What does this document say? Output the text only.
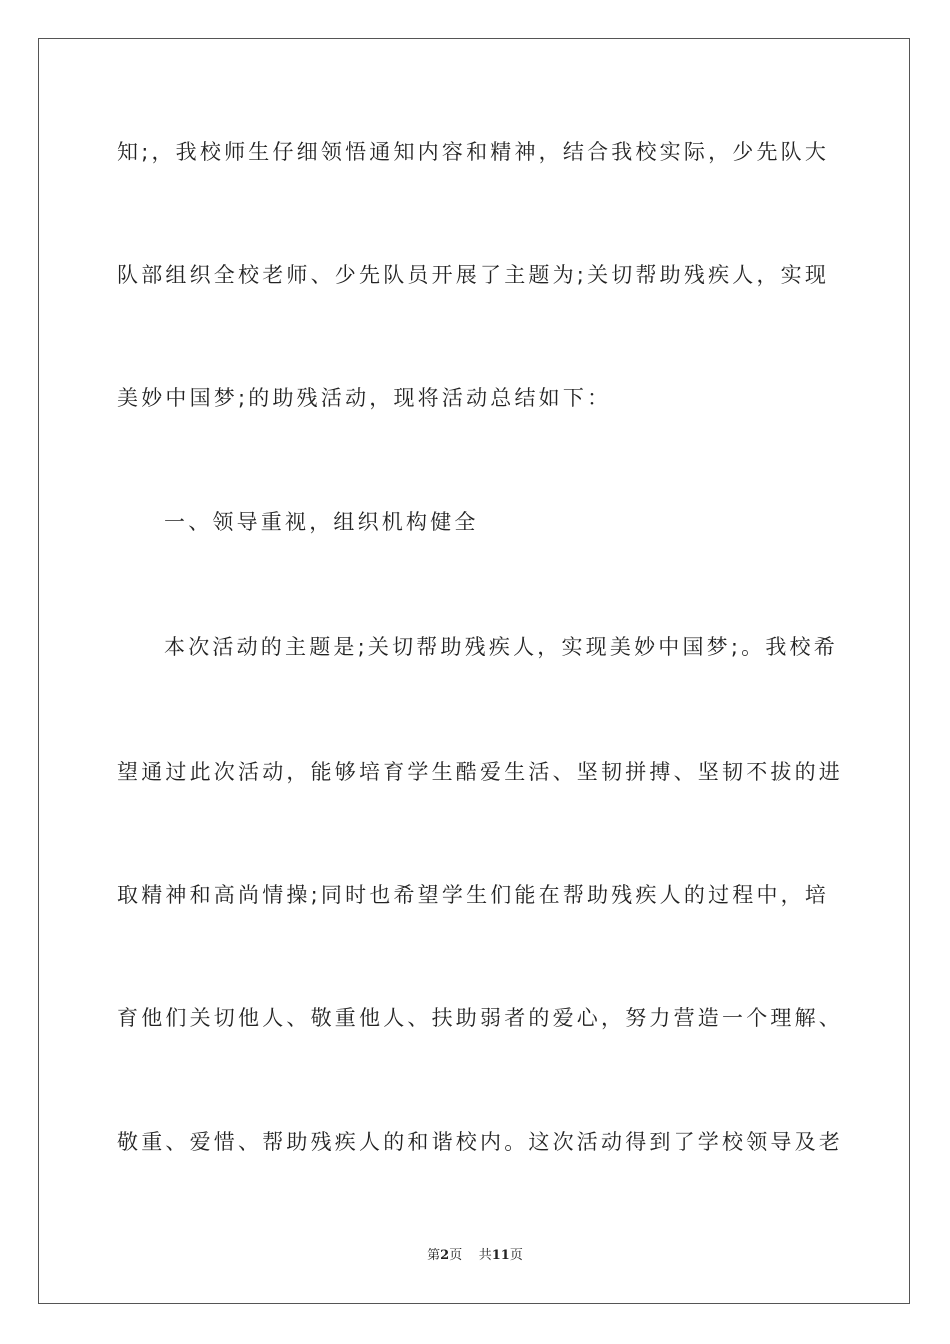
知;，我校师生仔细领悟通知内容和精神，结合我校实际，少先队大
队部组织全校老师、少先队员开展了主题为;关切帮助残疾人，实现
美妙中国梦;的助残活动，现将活动总结如下：
一、领导重视，组织机构健全
本次活动的主题是;关切帮助残疾人，实现美妙中国梦;。我校希
望通过此次活动，能够培育学生酷爱生活、坚韧拼搏、坚韧不拔的进
取精神和高尚情操;同时也希望学生们能在帮助残疾人的过程中，培
育他们关切他人、敬重他人、扶助弱者的爱心，努力营造一个理解、
敬重、爱惜、帮助残疾人的和谐校内。这次活动得到了学校领导及老
第2页 共11页
